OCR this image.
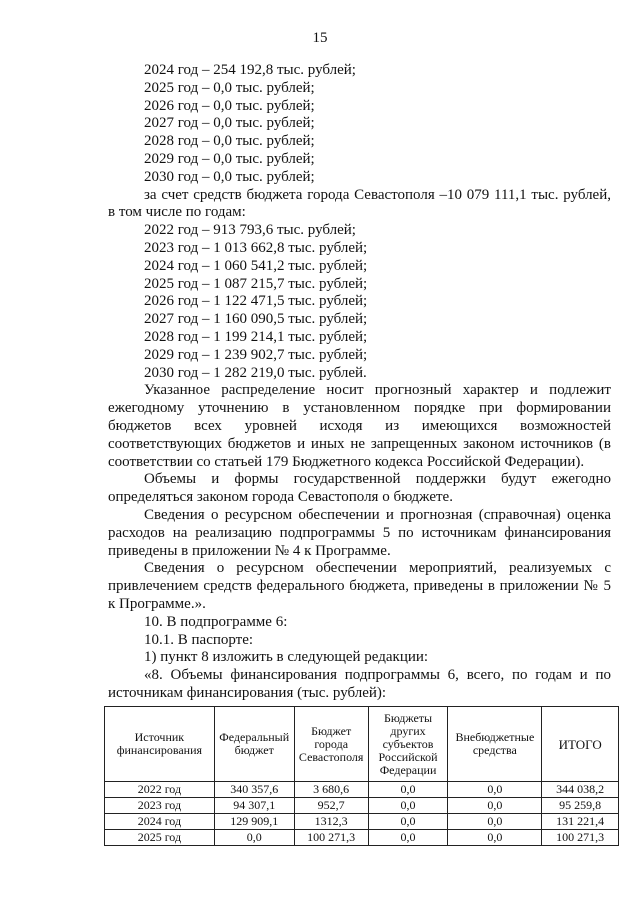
15

2024 год – 254 192,8 тыс. рублей;

2025 год – 0,0 тыс. рублей;

2026 год – 0,0 тыс. рублей;

2027 год – 0,0 тыс. рублей;

2028 год – 0,0 тыс. рублей;

2029 год – 0,0 тыс. рублей;

2030 год – 0,0 тыс. рублей;

за счет средств бюджета города Севастополя –10 079 111,1 тыс. рублей, в том числе по годам:

2022 год – 913 793,6 тыс. рублей;

2023 год – 1 013 662,8 тыс. рублей;

2024 год – 1 060 541,2 тыс. рублей;

2025 год – 1 087 215,7 тыс. рублей;

2026 год – 1 122 471,5 тыс. рублей;

2027 год – 1 160 090,5 тыс. рублей;

2028 год – 1 199 214,1 тыс. рублей;

2029 год – 1 239 902,7 тыс. рублей;

2030 год – 1 282 219,0 тыс. рублей.

Указанное распределение носит прогнозный характер и подлежит ежегодному уточнению в установленном порядке при формировании бюджетов всех уровней исходя из имеющихся возможностей соответствующих бюджетов и иных не запрещенных законом источников (в соответствии со статьей 179 Бюджетного кодекса Российской Федерации).

Объемы и формы государственной поддержки будут ежегодно определяться законом города Севастополя о бюджете.

Сведения о ресурсном обеспечении и прогнозная (справочная) оценка расходов на реализацию подпрограммы 5 по источникам финансирования приведены в приложении № 4 к Программе.

Сведения о ресурсном обеспечении мероприятий, реализуемых с привлечением средств федерального бюджета, приведены в приложении № 5 к Программе.».

10. В подпрограмме 6:

10.1. В паспорте:

1) пункт 8 изложить в следующей редакции:

«8. Объемы финансирования подпрограммы 6, всего, по годам и по источникам финансирования (тыс. рублей):

Источник финансирования	Федеральный бюджет	Бюджет города Севастополя	Бюджеты других субъектов Российской Федерации	Внебюджетные средства	ИТОГО
2022 год	340 357,6	3 680,6	0,0	0,0	344 038,2
2023 год	94 307,1	952,7	0,0	0,0	95 259,8
2024 год	129 909,1	1312,3	0,0	0,0	131 221,4
2025 год	0,0	100 271,3	0,0	0,0	100 271,3
